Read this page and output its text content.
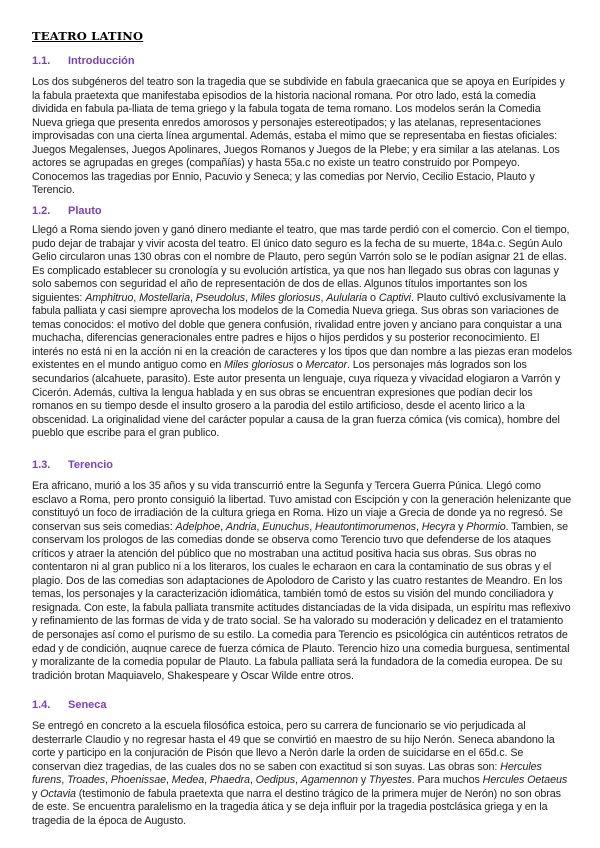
TEATRO LATINO
1.1. Introducción
Los dos subgéneros del teatro son la tragedia que se subdivide en fabula graecanica que se apoya en Eurípides y la fabula praetexta que manifestaba episodios de la historia nacional romana. Por otro lado, está la comedia dividida en fabula pa-lliata de tema griego y la fabula togata de tema romano. Los modelos serán la Comedia Nueva griega que presenta enredos amorosos y personajes estereotipados; y las atelanas, representaciones improvisadas con una cierta línea argumental. Además, estaba el mimo que se representaba en fiestas oficiales: Juegos Megalenses, Juegos Apolinares, Juegos Romanos y Juegos de la Plebe; y era similar a las atelanas. Los actores se agrupadas en greges (compañías) y hasta 55a.c no existe un teatro construido por Pompeyo. Conocemos las tragedias por Ennio, Pacuvio y Seneca; y las comedias por Nervio, Cecilio Estacio, Plauto y Terencio.
1.2. Plauto
Llegó a Roma siendo joven y ganó dinero mediante el teatro, que mas tarde perdió con el comercio. Con el tiempo, pudo dejar de trabajar y vivir acosta del teatro. El único dato seguro es la fecha de su muerte, 184a.c. Según Aulo Gelio circularon unas 130 obras con el nombre de Plauto, pero según Varrón solo se le podían asignar 21 de ellas. Es complicado establecer su cronología y su evolución artística, ya que nos han llegado sus obras con lagunas y solo sabemos con seguridad el año de representación de dos de ellas. Algunos títulos importantes son los siguientes: Amphitruo, Mostellaria, Pseudolus, Miles gloriosus, Aulularia o Captivi. Plauto cultivó exclusivamente la fabula palliata y casi siempre aprovecha los modelos de la Comedia Nueva griega. Sus obras son variaciones de temas conocidos: el motivo del doble que genera confusión, rivalidad entre joven y anciano para conquistar a una muchacha, diferencias generacionales entre padres e hijos o hijos perdidos y su posterior reconocimiento. El interés no está ni en la acción ni en la creación de caracteres y los tipos que dan nombre a las piezas eran modelos existentes en el mundo antiguo como en Miles gloriosus o Mercator. Los personajes más logrados son los secundarios (alcahuete, parasito). Este autor presenta un lenguaje, cuya riqueza y vivacidad elogiaron a Varrón y Cicerón. Además, cultiva la lengua hablada y en sus obras se encuentran expresiones que podían decir los romanos en su tiempo desde el insulto grosero a la parodia del estilo artificioso, desde el acento lirico a la obscenidad. La originalidad viene del carácter popular a causa de la gran fuerza cómica (vis comica), hombre del pueblo que escribe para el gran publico.
1.3. Terencio
Era africano, murió a los 35 años y su vida transcurrió entre la Segunfa y Tercera Guerra Púnica. Llegó como esclavo a Roma, pero pronto consiguió la libertad. Tuvo amistad con Escipción y con la generación helenizante que constituyó un foco de irradiación de la cultura griega en Roma. Hizo un viaje a Grecia de donde ya no regresó. Se conservan sus seis comedias: Adelphoe, Andria, Eunuchus, Heautontimorumenos, Hecyra y Phormio. Tambien, se conservam los prologos de las comedias donde se observa como Terencio tuvo que defenderse de los ataques críticos y atraer la atención del público que no mostraban una actitud positiva hacia sus obras. Sus obras no contentaron ni al gran publico ni a los literaros, los cuales le echaraon en cara la contaminatio de sus obras y el plagio. Dos de las comedias son adaptaciones de Apolodoro de Caristo y las cuatro restantes de Meandro. En los temas, los personajes y la caracterización idiomática, también tomó de estos su visión del mundo conciliadora y resignada. Con este, la fabula palliata transmite actitudes distanciadas de la vida disipada, un espíritu mas reflexivo y refinamiento de las formas de vida y de trato social. Se ha valorado su moderación y delicadez en el tratamiento de personajes así como el purismo de su estilo. La comedia para Terencio es psicológica cin auténticos retratos de edad y de condición, auqnue carece de fuerza cómica de Plauto. Terencio hizo una comedia burguesa, sentimental y moralizante de la comedia popular de Plauto. La fabula palliata será la fundadora de la comedia europea. De su tradición brotan Maquiavelo, Shakespeare y Oscar Wilde entre otros.
1.4. Seneca
Se entregó en concreto a la escuela filosófica estoica, pero su carrera de funcionario se vio perjudicada al desterrarle Claudio y no regresar hasta el 49 que se convirtió en maestro de su hijo Nerón. Seneca abandono la corte y participo en la conjuración de Pisón que llevo a Nerón darle la orden de suicidarse en el 65d.c. Se conservan diez tragedias, de las cuales dos no se saben con exactitud si son suyas. Las obras son: Hercules furens, Troades, Phoenissae, Medea, Phaedra, Oedipus, Agamennon y Thyestes. Para muchos Hercules Oetaeus y Octavia (testimonio de fabula praetexta que narra el destino trágico de la primera mujer de Nerón) no son obras de este. Se encuentra paralelismo en la tragedia ática y se deja influir por la tragedia postclásica griega y en la tragedia de la época de Augusto.
